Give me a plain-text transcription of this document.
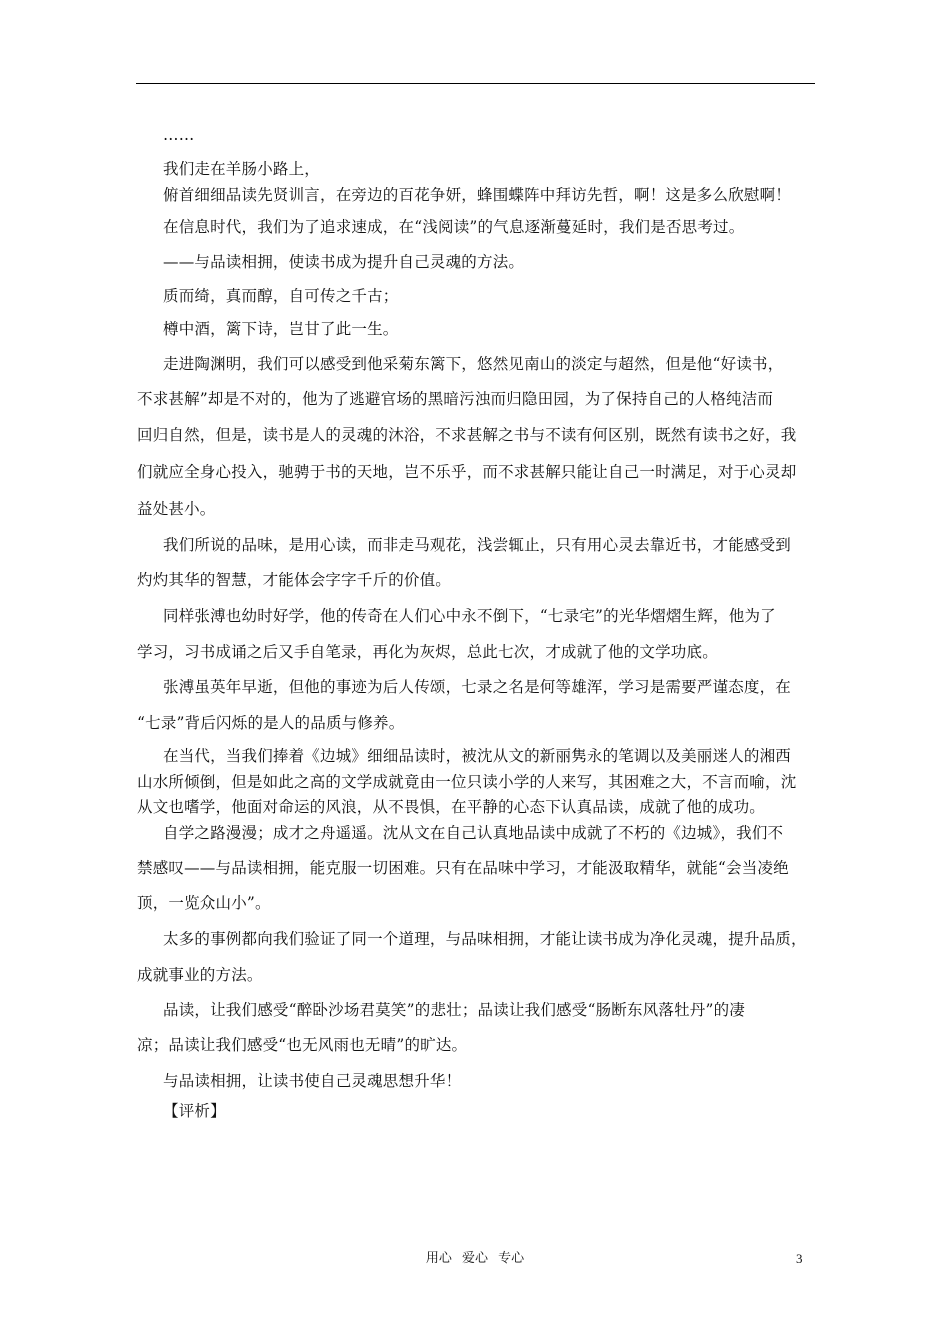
……
我们走在羊肠小路上，
俯首细细品读先贤训言，在旁边的百花争妍，蜂围蝶阵中拜访先哲，啊！这是多么欣慰啊！
在信息时代，我们为了追求速成，在“浅阅读”的气息逐渐蔓延时，我们是否思考过。
——与品读相拥，使读书成为提升自己灵魂的方法。
质而绮，真而醇，自可传之千古；
樽中酒，篱下诗，岂甘了此一生。
走进陶渊明，我们可以感受到他采菊东篱下，悠然见南山的淡定与超然，但是他“好读书，
不求甚解”却是不对的，他为了逃避官场的黑暗污浊而归隐田园，为了保持自己的人格纯洁而
回归自然，但是，读书是人的灵魂的沐浴，不求甚解之书与不读有何区别，既然有读书之好，我
们就应全身心投入，驰骋于书的天地，岂不乐乎，而不求甚解只能让自己一时满足，对于心灵却
益处甚小。
我们所说的品味，是用心读，而非走马观花，浅尝辄止，只有用心灵去靠近书，才能感受到
灼灼其华的智慧，才能体会字字千斤的价值。
同样张溥也幼时好学，他的传奇在人们心中永不倒下，“七录宅”的光华熠熠生辉，他为了
学习，习书成诵之后又手自笔录，再化为灰烬，总此七次，才成就了他的文学功底。
张溥虽英年早逝，但他的事迹为后人传颂，七录之名是何等雄浑，学习是需要严谨态度，在
“七录”背后闪烁的是人的品质与修养。
在当代，当我们捧着《边城》细细品读时，被沈从文的新丽隽永的笔调以及美丽迷人的湘西
山水所倾倒，但是如此之高的文学成就竟由一位只读小学的人来写，其困难之大，不言而喻，沈
从文也嗜学，他面对命运的风浪，从不畏惧，在平静的心态下认真品读，成就了他的成功。
自学之路漫漫；成才之舟遥遥。沈从文在自己认真地品读中成就了不朽的《边城》，我们不
禁感叹——与品读相拥，能克服一切困难。只有在品味中学习，才能汲取精华，就能“会当凌绝
顶，一览众山小”。
太多的事例都向我们验证了同一个道理，与品味相拥，才能让读书成为净化灵魂，提升品质，
成就事业的方法。
品读，让我们感受“醉卧沙场君莫笑”的悲壮；品读让我们感受“肠断东风落牡丹”的凄
凉；品读让我们感受“也无风雨也无晴”的旷达。
与品读相拥，让读书使自己灵魂思想升华！
【评析】
用心 爱心 专心	3
